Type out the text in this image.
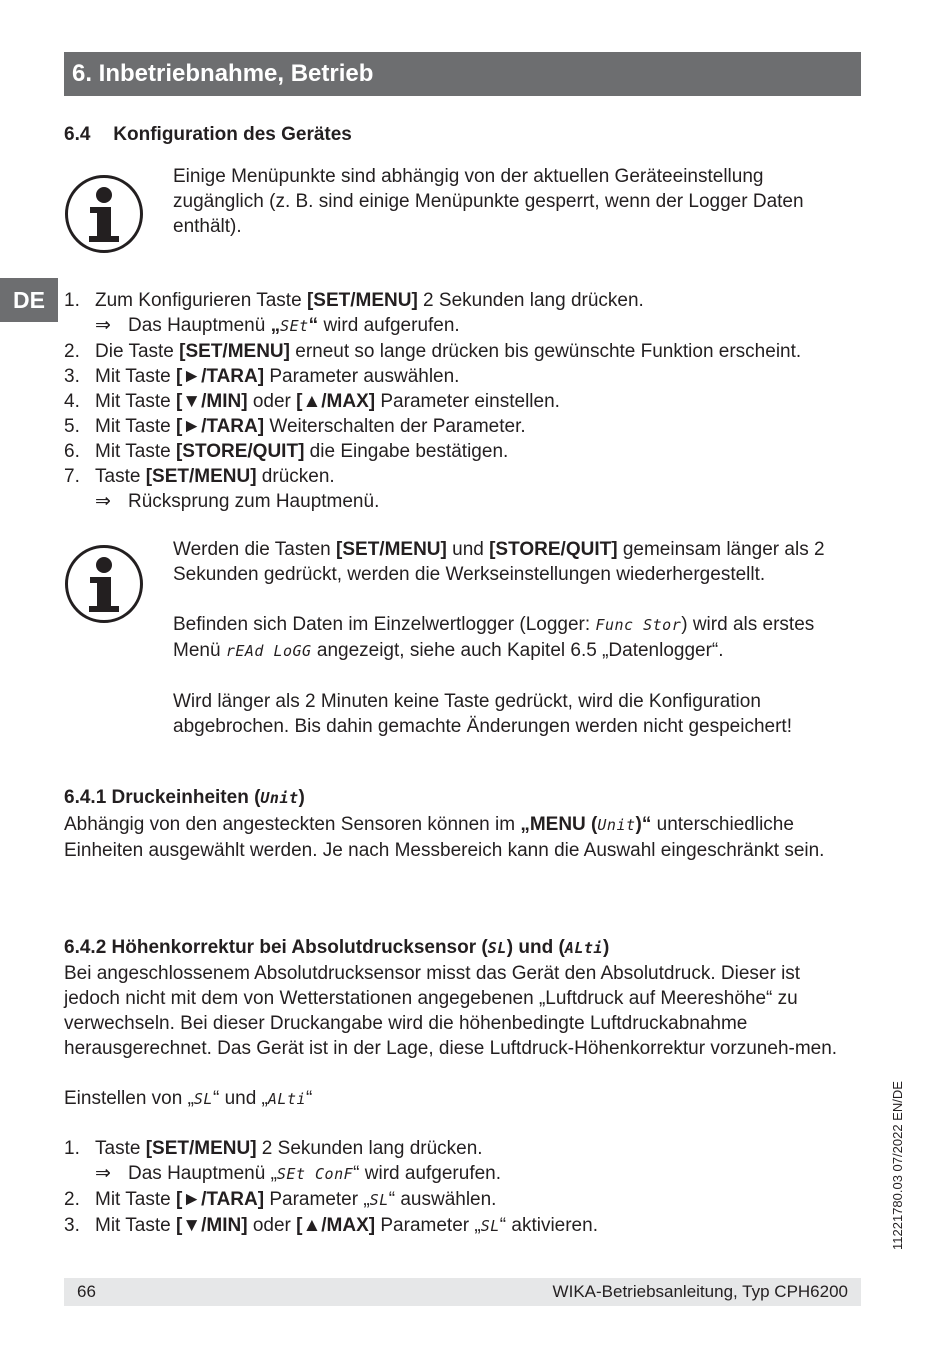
6. Inbetriebnahme, Betrieb
DE
6.4 Konfiguration des Gerätes

Einige Menüpunkte sind abhängig von der aktuellen Geräteeinstellung zugänglich (z. B. sind einige Menüpunkte gesperrt, wenn der Logger Daten enthält).

1. Zum Konfigurieren Taste [SET/MENU] 2 Sekunden lang drücken.
⇒ Das Hauptmenü „SEt“ wird aufgerufen.
2. Die Taste [SET/MENU] erneut so lange drücken bis gewünschte Funktion erscheint.
3. Mit Taste [►/TARA] Parameter auswählen.
4. Mit Taste [▼/MIN] oder [▲/MAX] Parameter einstellen.
5. Mit Taste [►/TARA] Weiterschalten der Parameter.
6. Mit Taste [STORE/QUIT] die Eingabe bestätigen.
7. Taste [SET/MENU] drücken.
⇒ Rücksprung zum Hauptmenü.

Werden die Tasten [SET/MENU] und [STORE/QUIT] gemeinsam länger als 2 Sekunden gedrückt, werden die Werkseinstellungen wiederhergestellt.

Befinden sich Daten im Einzelwertlogger (Logger: Func Stor) wird als erstes Menü rEAd LoGG angezeigt, siehe auch Kapitel 6.5 „Datenlogger“.

Wird länger als 2 Minuten keine Taste gedrückt, wird die Konfiguration abgebrochen. Bis dahin gemachte Änderungen werden nicht gespeichert!

6.4.1 Druckeinheiten (Unit)

Abhängig von den angesteckten Sensoren können im „MENU (Unit)“ unterschiedliche Einheiten ausgewählt werden. Je nach Messbereich kann die Auswahl eingeschränkt sein.

6.4.2 Höhenkorrektur bei Absolutdrucksensor (SL) und (ALti)

Bei angeschlossenem Absolutdrucksensor misst das Gerät den Absolutdruck. Dieser ist jedoch nicht mit dem von Wetterstationen angegebenen „Luftdruck auf Meereshöhe“ zu verwechseln. Bei dieser Druckangabe wird die höhenbedingte Luftdruckabnahme herausgerechnet. Das Gerät ist in der Lage, diese Luftdruck-Höhenkorrektur vorzuneh-men.

Einstellen von „SL“ und „ALti“

1. Taste [SET/MENU] 2 Sekunden lang drücken.
⇒ Das Hauptmenü „SEt ConF“ wird aufgerufen.
2. Mit Taste [►/TARA] Parameter „SL“ auswählen.
3. Mit Taste [▼/MIN] oder [▲/MAX] Parameter „SL“ aktivieren.	11221780.03 07/2022 EN/DE
66	WIKA-Betriebsanleitung, Typ CPH6200
